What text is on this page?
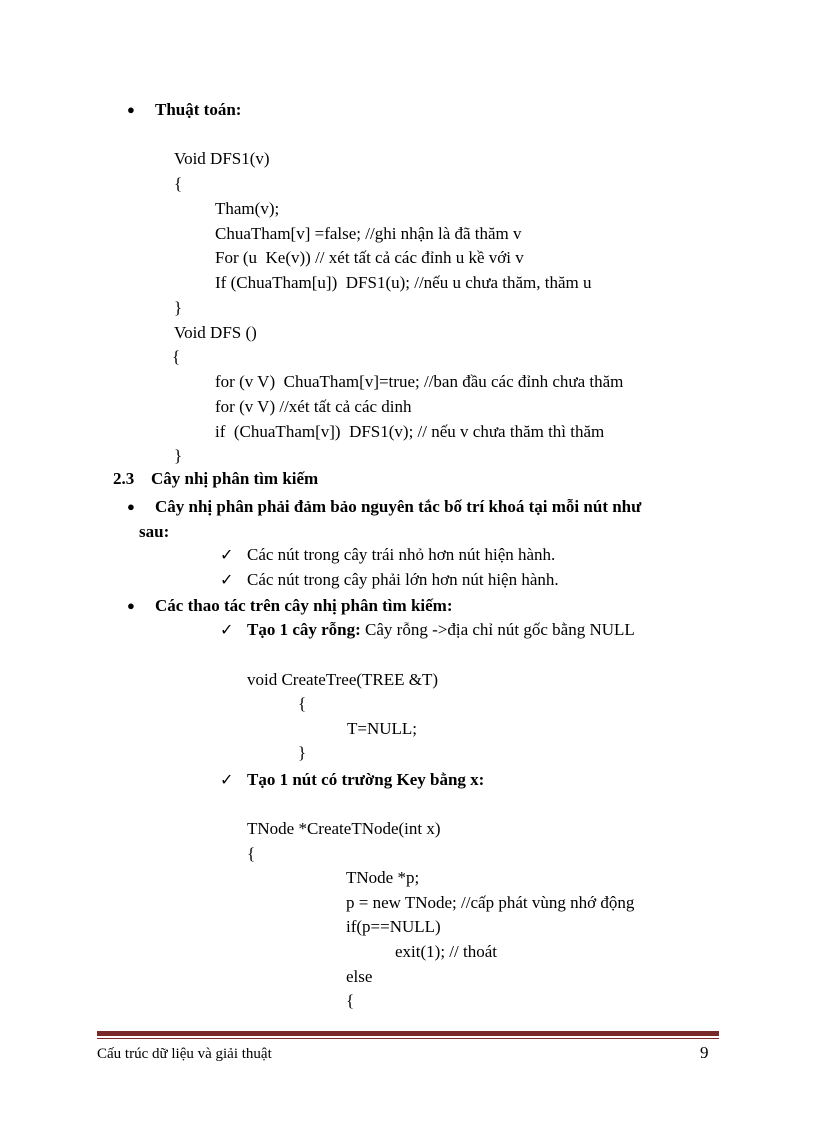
● Thuật toán:
Void DFS1(v)
{
Tham(v);
ChuaTham[v] =false; //ghi nhận là đã thăm v
For (u  Ke(v)) // xét tất cả các đỉnh u kề với v
If (ChuaTham[u])  DFS1(u); //nếu u chưa thăm, thăm u
}
Void DFS ()
{
for (v V)  ChuaTham[v]=true; //ban đầu các đỉnh chưa thăm
for (v V) //xét tất cả các dinh
if  (ChuaTham[v])  DFS1(v); // nếu v chưa thăm thì thăm
}
2.3 Cây nhị phân tìm kiếm
● Cây nhị phân phải đảm bảo nguyên tắc bố trí khoá tại mỗi nút như
sau:
✓ Các nút trong cây trái nhỏ hơn nút hiện hành.
✓ Các nút trong cây phải lớn hơn nút hiện hành.
● Các thao tác trên cây nhị phân tìm kiếm:
✓ Tạo 1 cây rỗng: Cây rỗng ->địa chỉ nút gốc bằng NULL
void CreateTree(TREE &T)
{
T=NULL;
}
✓ Tạo 1 nút có trường Key bằng x:
TNode *CreateTNode(int x)
{
TNode *p;
p = new TNode; //cấp phát vùng nhớ động
if(p==NULL)
exit(1); // thoát
else
{
Cấu trúc dữ liệu và giải thuật	9
